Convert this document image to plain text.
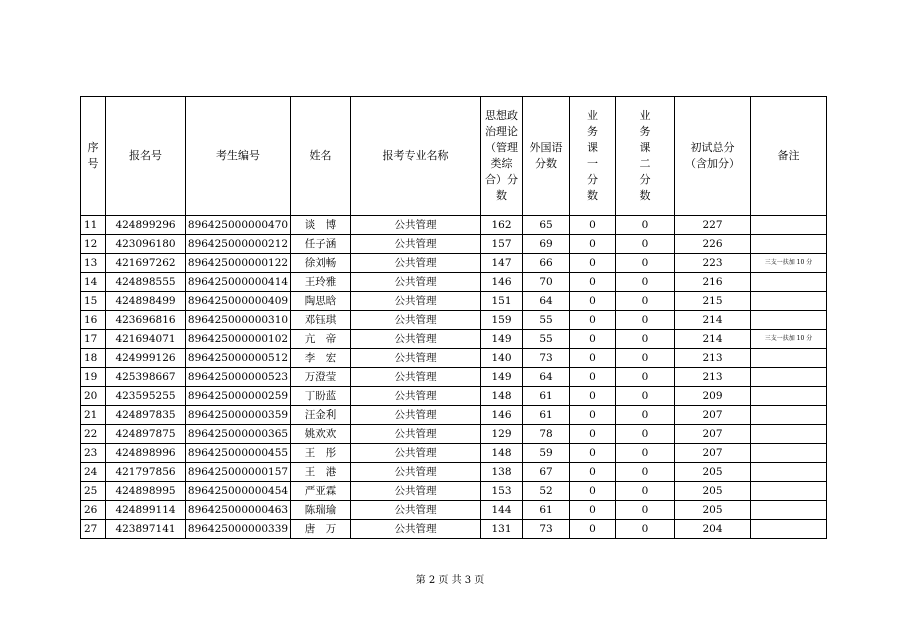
序号	报名号	考生编号	姓名	报考专业名称	思想政治理论（管理类综合）分数	外国语分数	业务课一分数	业务课二分数	初试总分（含加分）	备注
11	424899296	896425000000470	谈　博	公共管理	162	65	0	0	227	
12	423096180	896425000000212	任子涵	公共管理	157	69	0	0	226	
13	421697262	896425000000122	徐刘畅	公共管理	147	66	0	0	223	三支一扶加 10 分
14	424898555	896425000000414	王玲雅	公共管理	146	70	0	0	216	
15	424898499	896425000000409	陶思晗	公共管理	151	64	0	0	215	
16	423696816	896425000000310	邓钰琪	公共管理	159	55	0	0	214	
17	421694071	896425000000102	亢　帝	公共管理	149	55	0	0	214	三支一扶加 10 分
18	424999126	896425000000512	李　宏	公共管理	140	73	0	0	213	
19	425398667	896425000000523	万澄莹	公共管理	149	64	0	0	213	
20	423595255	896425000000259	丁盼蓝	公共管理	148	61	0	0	209	
21	424897835	896425000000359	汪金利	公共管理	146	61	0	0	207	
22	424897875	896425000000365	姚欢欢	公共管理	129	78	0	0	207	
23	424898996	896425000000455	王　彤	公共管理	148	59	0	0	207	
24	421797856	896425000000157	王　港	公共管理	138	67	0	0	205	
25	424898995	896425000000454	严亚霖	公共管理	153	52	0	0	205	
26	424899114	896425000000463	陈瑞瑜	公共管理	144	61	0	0	205	
27	423897141	896425000000339	唐　万	公共管理	131	73	0	0	204	
第 2 页 共 3 页
